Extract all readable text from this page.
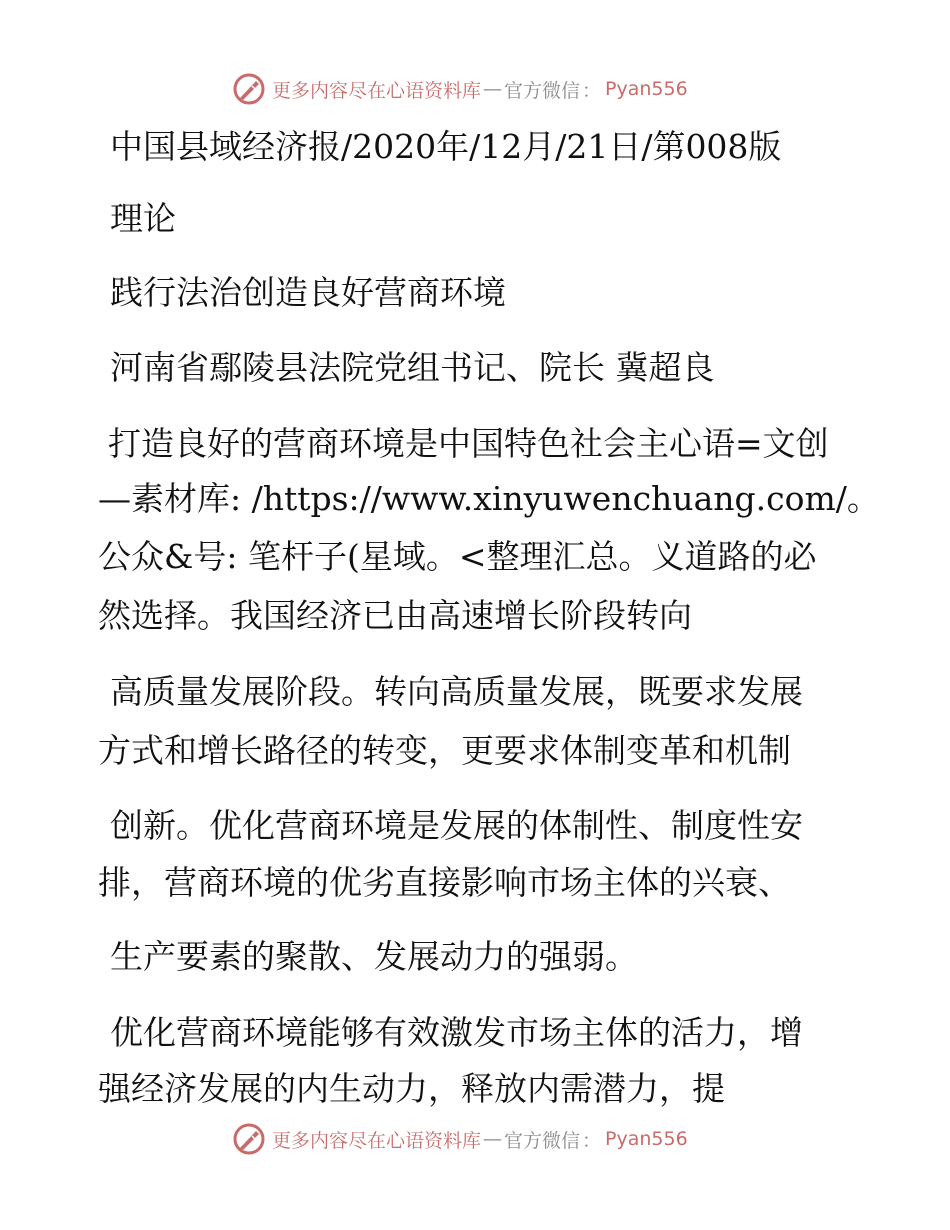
更多内容尽在心语资料库 — 官方微信 ： Pyan556
中国县域经济报/2020年/12月/21日/第008版
理论
践行法治创造良好营商环境
河南省鄢陵县法院党组书记、院长 冀超良
打造良好的营商环境是中国特色社会主心语=文创
—素材库: /https://www.xinyuwenchuang.com/。
公众&号: 笔杆子(星域。<整理汇总。义道路的必
然选择。我国经济已由高速增长阶段转向
高质量发展阶段。转向高质量发展，既要求发展
方式和增长路径的转变，更要求体制变革和机制
创新。优化营商环境是发展的体制性、制度性安
排，营商环境的优劣直接影响市场主体的兴衰、
生产要素的聚散、发展动力的强弱。
优化营商环境能够有效激发市场主体的活力，增
强经济发展的内生动力，释放内需潜力，提
更多内容尽在心语资料库 — 官方微信 ： Pyan556
